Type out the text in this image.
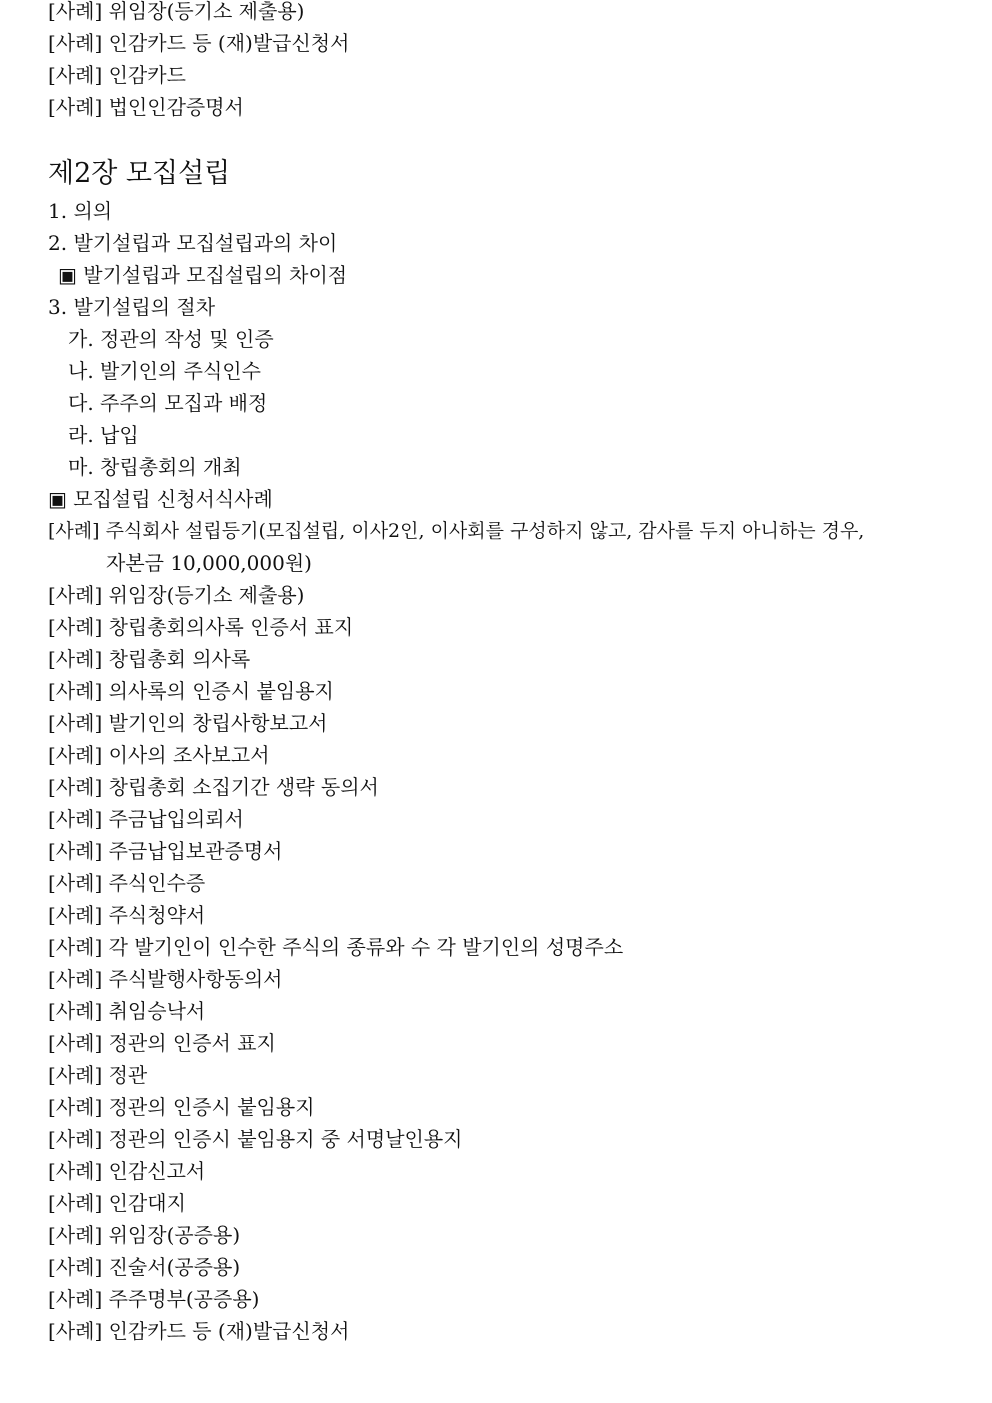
[사례] 위임장(등기소 제출용)
[사례] 인감카드 등 (재)발급신청서
[사례] 인감카드
[사례] 법인인감증명서
제2장 모집설립
1. 의의
2. 발기설립과 모집설립과의 차이
▣ 발기설립과 모집설립의 차이점
3. 발기설립의 절차
가. 정관의 작성 및 인증
나. 발기인의 주식인수
다. 주주의 모집과 배정
라. 납입
마. 창립총회의 개최
▣ 모집설립 신청서식사례
[사례] 주식회사 설립등기(모집설립, 이사2인, 이사회를 구성하지 않고, 감사를 두지 아니하는 경우,
자본금 10,000,000원)
[사례] 위임장(등기소 제출용)
[사례] 창립총회의사록 인증서 표지
[사례] 창립총회 의사록
[사례] 의사록의 인증시 붙임용지
[사례] 발기인의 창립사항보고서
[사례] 이사의 조사보고서
[사례] 창립총회 소집기간 생략 동의서
[사례] 주금납입의뢰서
[사례] 주금납입보관증명서
[사례] 주식인수증
[사례] 주식청약서
[사례] 각 발기인이 인수한 주식의 종류와 수 각 발기인의 성명주소
[사례] 주식발행사항동의서
[사례] 취임승낙서
[사례] 정관의 인증서 표지
[사례] 정관
[사례] 정관의 인증시 붙임용지
[사례] 정관의 인증시 붙임용지 중 서명날인용지
[사례] 인감신고서
[사례] 인감대지
[사례] 위임장(공증용)
[사례] 진술서(공증용)
[사례] 주주명부(공증용)
[사례] 인감카드 등 (재)발급신청서
